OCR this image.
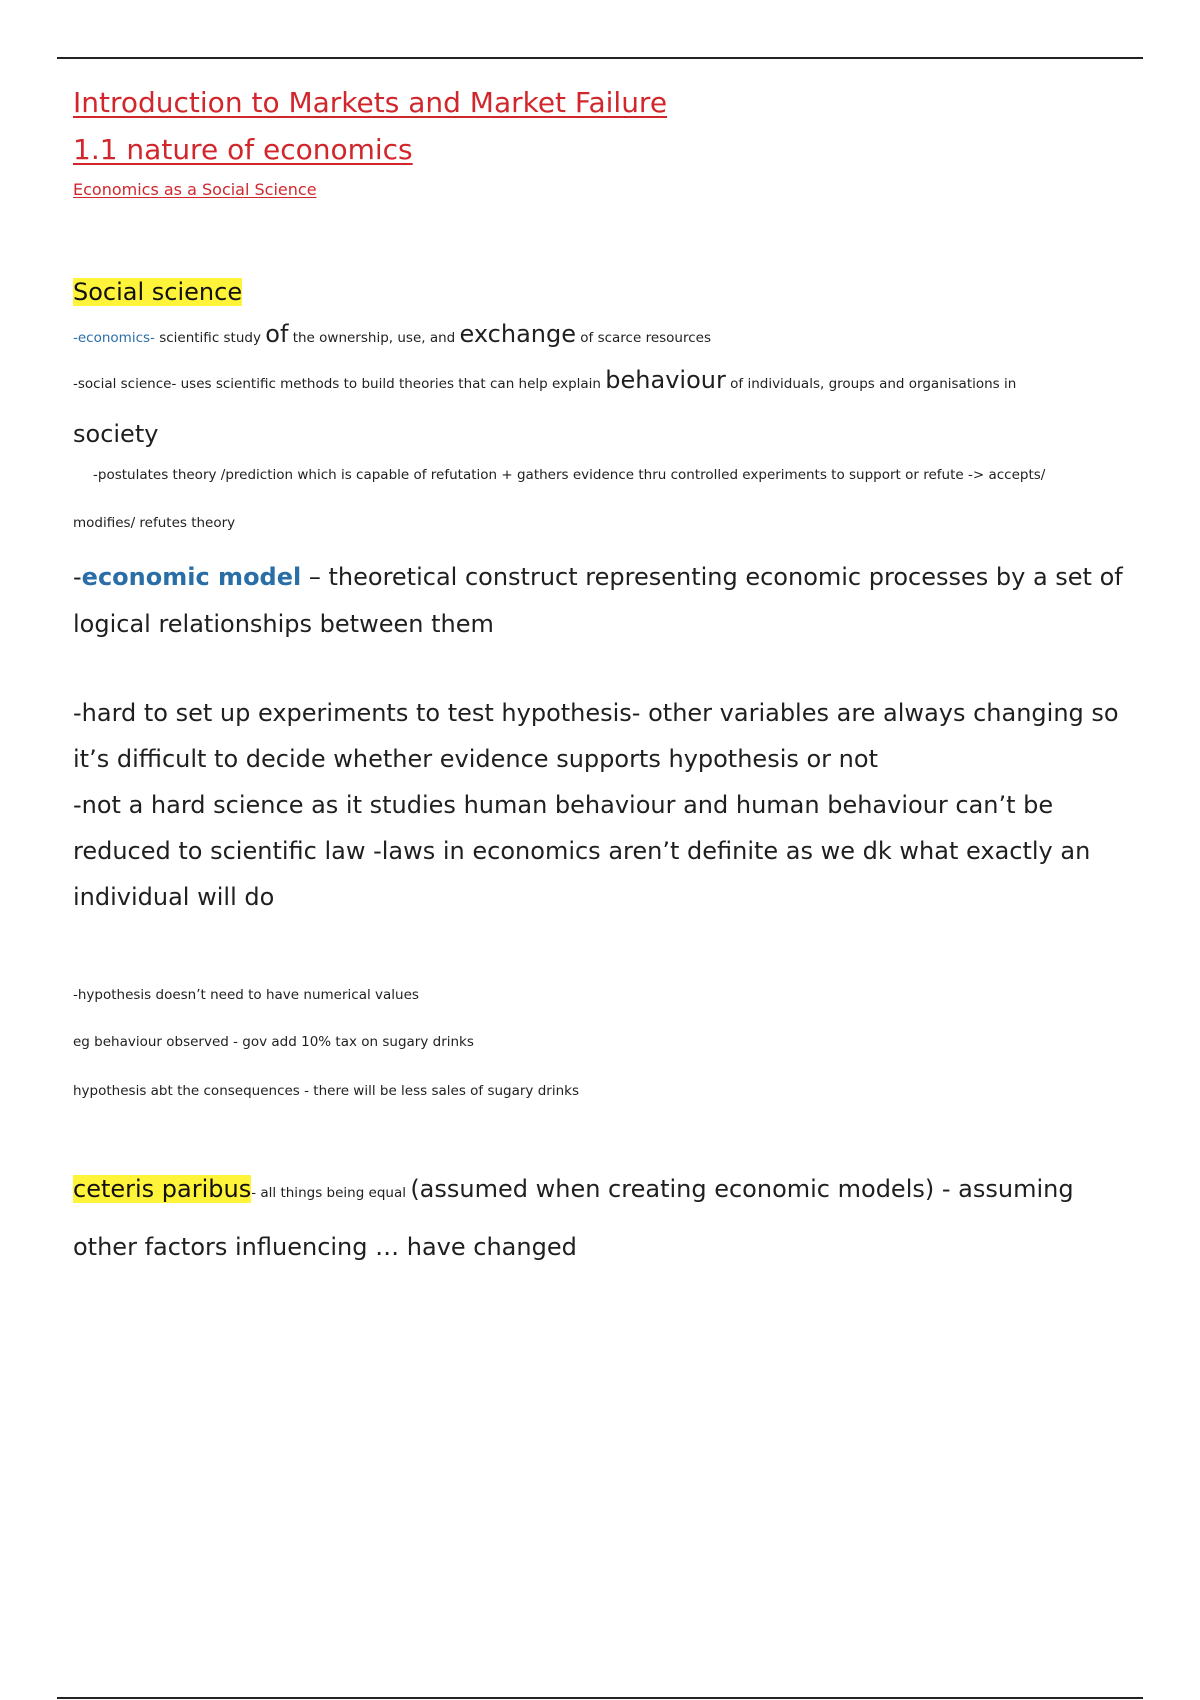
Introduction to Markets and Market Failure
1.1 nature of economics
Economics as a Social Science
Social science
-economics- scientific study of the ownership, use, and exchange of scarce resources
-social science- uses scientific methods to build theories that can help explain behaviour of individuals, groups and organisations in
society
-postulates theory /prediction which is capable of refutation + gathers evidence thru controlled experiments to support or refute -> accepts/
modifies/ refutes theory
-economic model – theoretical construct representing economic processes by a set of logical relationships between them
-hard to set up experiments to test hypothesis- other variables are always changing so it’s difficult to decide whether evidence supports hypothesis or not
-not a hard science as it studies human behaviour and human behaviour can’t be reduced to scientific law -laws in economics aren’t definite as we dk what exactly an individual will do
-hypothesis doesn’t need to have numerical values
eg behaviour observed - gov add 10% tax on sugary drinks
hypothesis abt the consequences - there will be less sales of sugary drinks
ceteris paribus- all things being equal (assumed when creating economic models) - assuming other factors influencing … have changed
